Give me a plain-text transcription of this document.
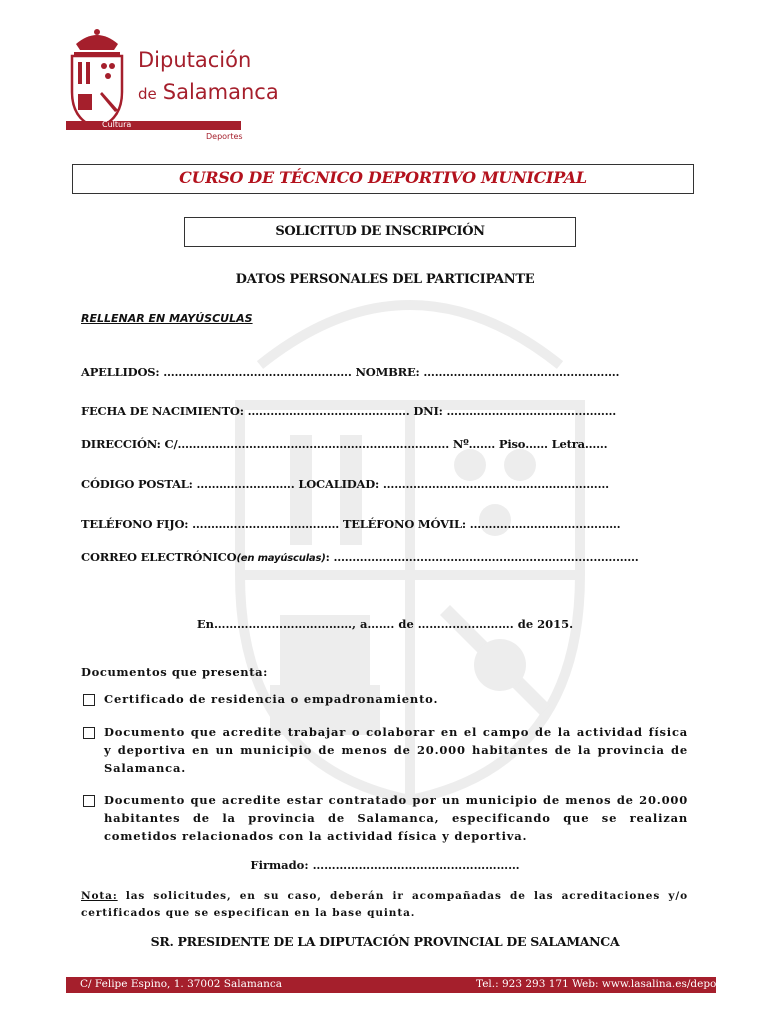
Diputación
de Salamanca
Cultura
Deportes
CURSO DE TÉCNICO DEPORTIVO MUNICIPAL
SOLICITUD DE INSCRIPCIÓN
DATOS PERSONALES DEL PARTICIPANTE
RELLENAR EN MAYÚSCULAS
APELLIDOS: ………………………………………….. NOMBRE: …………………………………………….
FECHA DE NACIMIENTO: ………………………………….… DNI: ………………………………………
DIRECCIÓN: C/………………………………………………………......... Nº……. Piso…… Letra……
CÓDIGO POSTAL: ……………….……. LOCALIDAD: ……………………………………………………
TELÉFONO FIJO: ………………………………… TELÉFONO MÓVIL: ………………….………………
CORREO ELECTRÓNICO(en mayúsculas): ………………………………………………………………………
En………………………………, a……. de ……………………. de 2015.
Documentos que presenta:
Certificado de residencia o empadronamiento.
Documento que acredite trabajar o colaborar en el campo de la actividad física y deportiva en un municipio de menos de 20.000 habitantes de la provincia de Salamanca.
Documento que acredite estar contratado por un municipio de menos de 20.000 habitantes de la provincia de Salamanca, especificando que se realizan cometidos relacionados con la actividad física y deportiva.
Firmado: ………………………………………………
Nota: las solicitudes, en su caso, deberán ir acompañadas de las acreditaciones y/o certificados que se especifican en la base quinta.
SR. PRESIDENTE DE LA DIPUTACIÓN PROVINCIAL DE SALAMANCA
C/ Felipe Espino, 1. 37002 Salamanca	Tel.: 923 293 171 Web: www.lasalina.es/deportes
